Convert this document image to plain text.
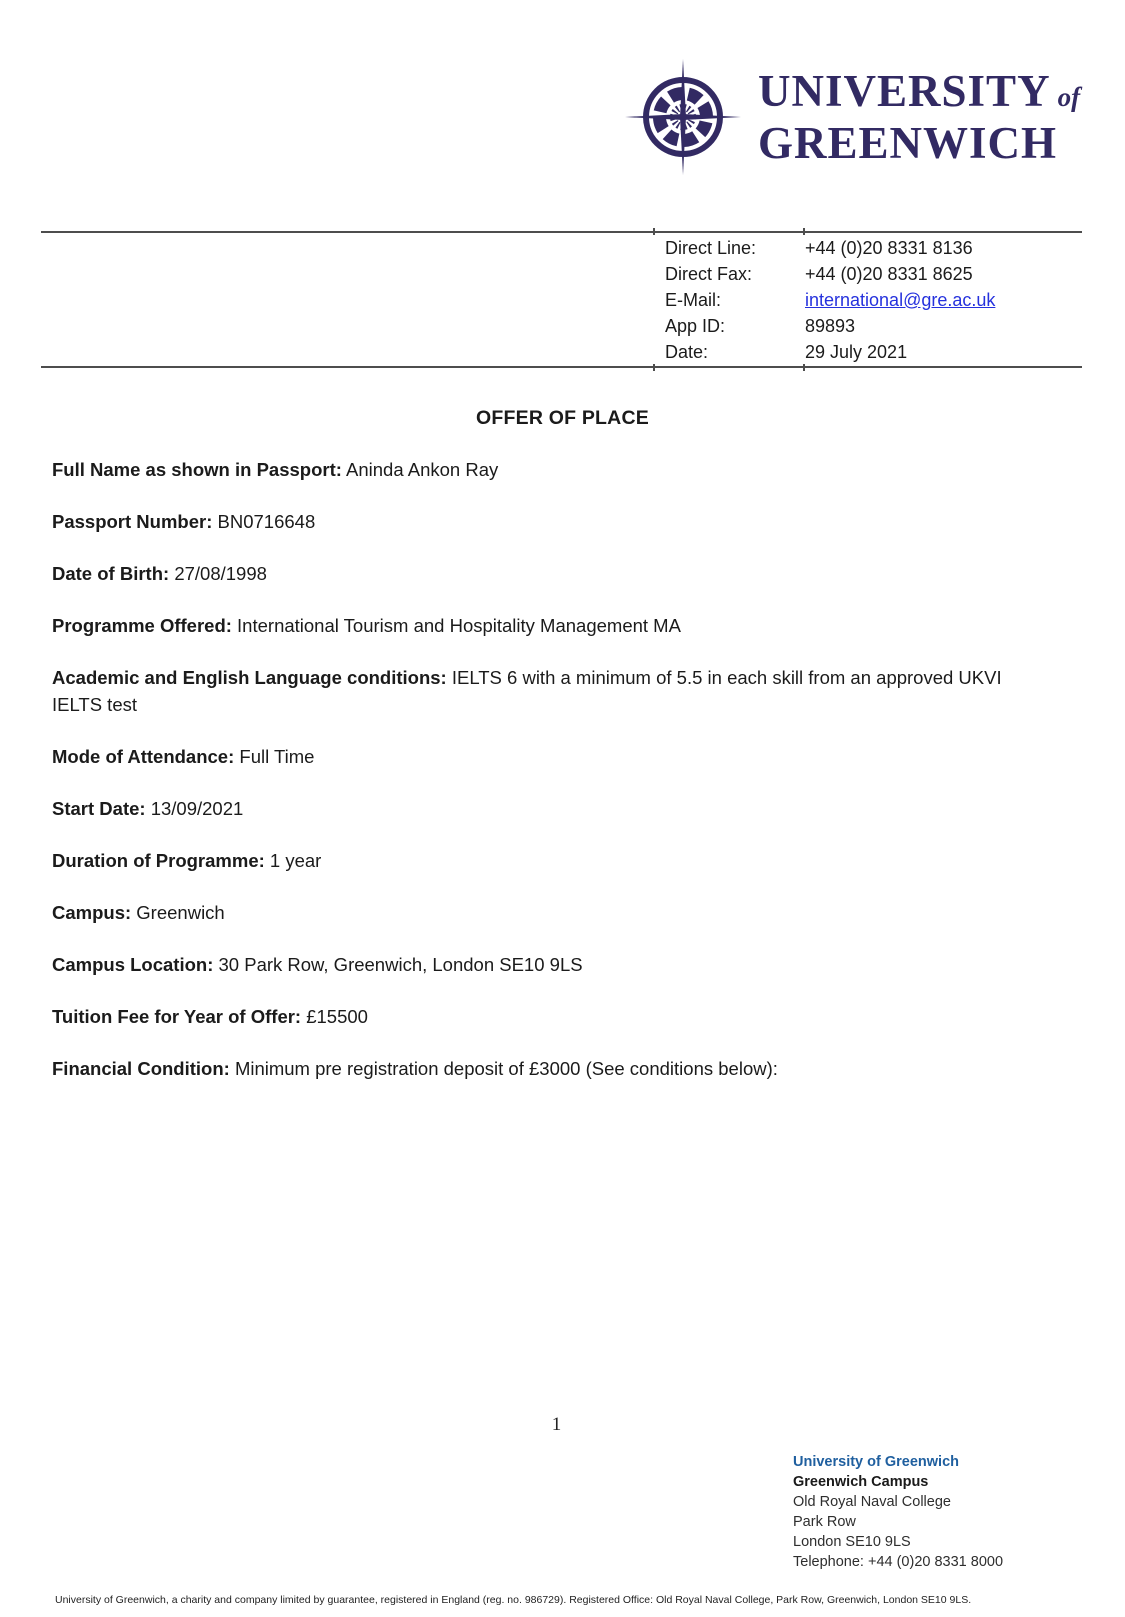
UNIVERSITY of
GREENWICH
Direct Line:	+44 (0)20 8331 8136
Direct Fax:	+44 (0)20 8331 8625
E-Mail:	international@gre.ac.uk
App ID:	89893
Date:	29 July 2021
OFFER OF PLACE

Full Name as shown in Passport: Aninda Ankon Ray

Passport Number: BN0716648

Date of Birth: 27/08/1998

Programme Offered: International Tourism and Hospitality Management MA

Academic and English Language conditions: IELTS 6 with a minimum of 5.5 in each skill from an approved UKVI IELTS test

Mode of Attendance: Full Time

Start Date: 13/09/2021

Duration of Programme: 1 year

Campus: Greenwich

Campus Location: 30 Park Row, Greenwich, London SE10 9LS

Tuition Fee for Year of Offer: £15500

Financial Condition: Minimum pre registration deposit of £3000 (See conditions below):

1
University of Greenwich
Greenwich Campus
Old Royal Naval College
Park Row
London SE10 9LS
Telephone: +44 (0)20 8331 8000
University of Greenwich, a charity and company limited by guarantee, registered in England (reg. no. 986729). Registered Office: Old Royal Naval College, Park Row, Greenwich, London SE10 9LS.
